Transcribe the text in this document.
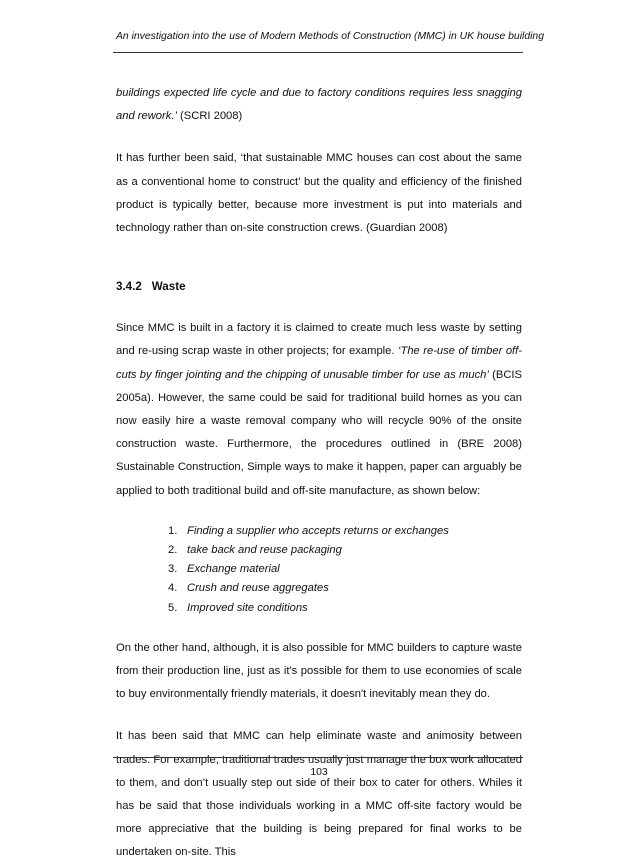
An investigation into the use of Modern Methods of Construction (MMC) in UK house building

buildings expected life cycle and due to factory conditions requires less snagging and rework.’ (SCRI 2008)

It has further been said, ‘that sustainable MMC houses can cost about the same as a conventional home to construct’ but the quality and efficiency of the finished product is typically better, because more investment is put into materials and technology rather than on-site construction crews. (Guardian 2008)

3.4.2 Waste

Since MMC is built in a factory it is claimed to create much less waste by setting and re-using scrap waste in other projects; for example. ‘The re-use of timber off-cuts by finger jointing and the chipping of unusable timber for use as much’ (BCIS 2005a). However, the same could be said for traditional build homes as you can now easily hire a waste removal company who will recycle 90% of the onsite construction waste. Furthermore, the procedures outlined in (BRE 2008) Sustainable Construction, Simple ways to make it happen, paper can arguably be applied to both traditional build and off-site manufacture, as shown below:

1. Finding a supplier who accepts returns or exchanges
2. take back and reuse packaging
3. Exchange material
4. Crush and reuse aggregates
5. Improved site conditions

On the other hand, although, it is also possible for MMC builders to capture waste from their production line, just as it's possible for them to use economies of scale to buy environmentally friendly materials, it doesn't inevitably mean they do.

It has been said that MMC can help eliminate waste and animosity between trades. For example, traditional trades usually just manage the box work allocated to them, and don’t usually step out side of their box to cater for others. Whiles it has be said that those individuals working in a MMC off-site factory would be more appreciative that the building is being prepared for final works to be undertaken on-site. This

103
